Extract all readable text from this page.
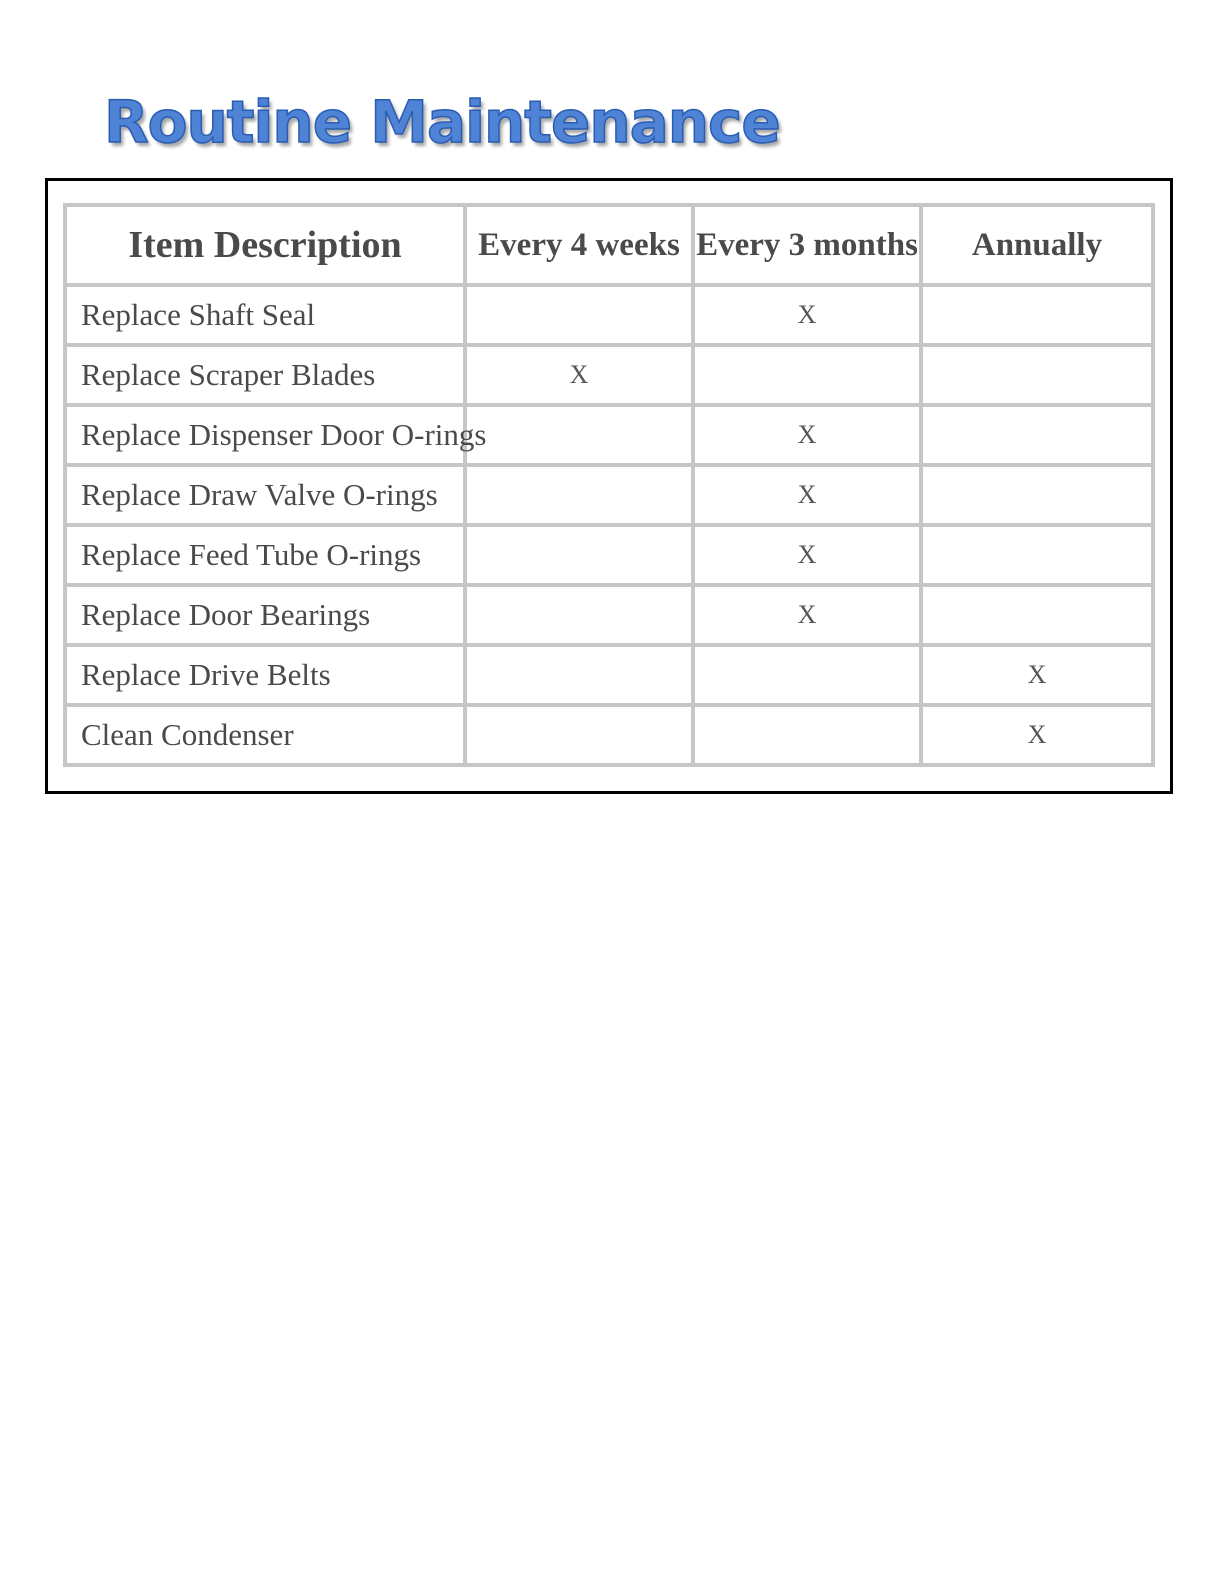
Routine Maintenance
Item Description	Every 4 weeks	Every 3 months	Annually
Replace Shaft Seal		X	
Replace Scraper Blades	X		
Replace Dispenser Door O-rings		X	
Replace Draw Valve O-rings		X	
Replace Feed Tube O-rings		X	
Replace Door Bearings		X	
Replace Drive Belts			X
Clean Condenser			X
